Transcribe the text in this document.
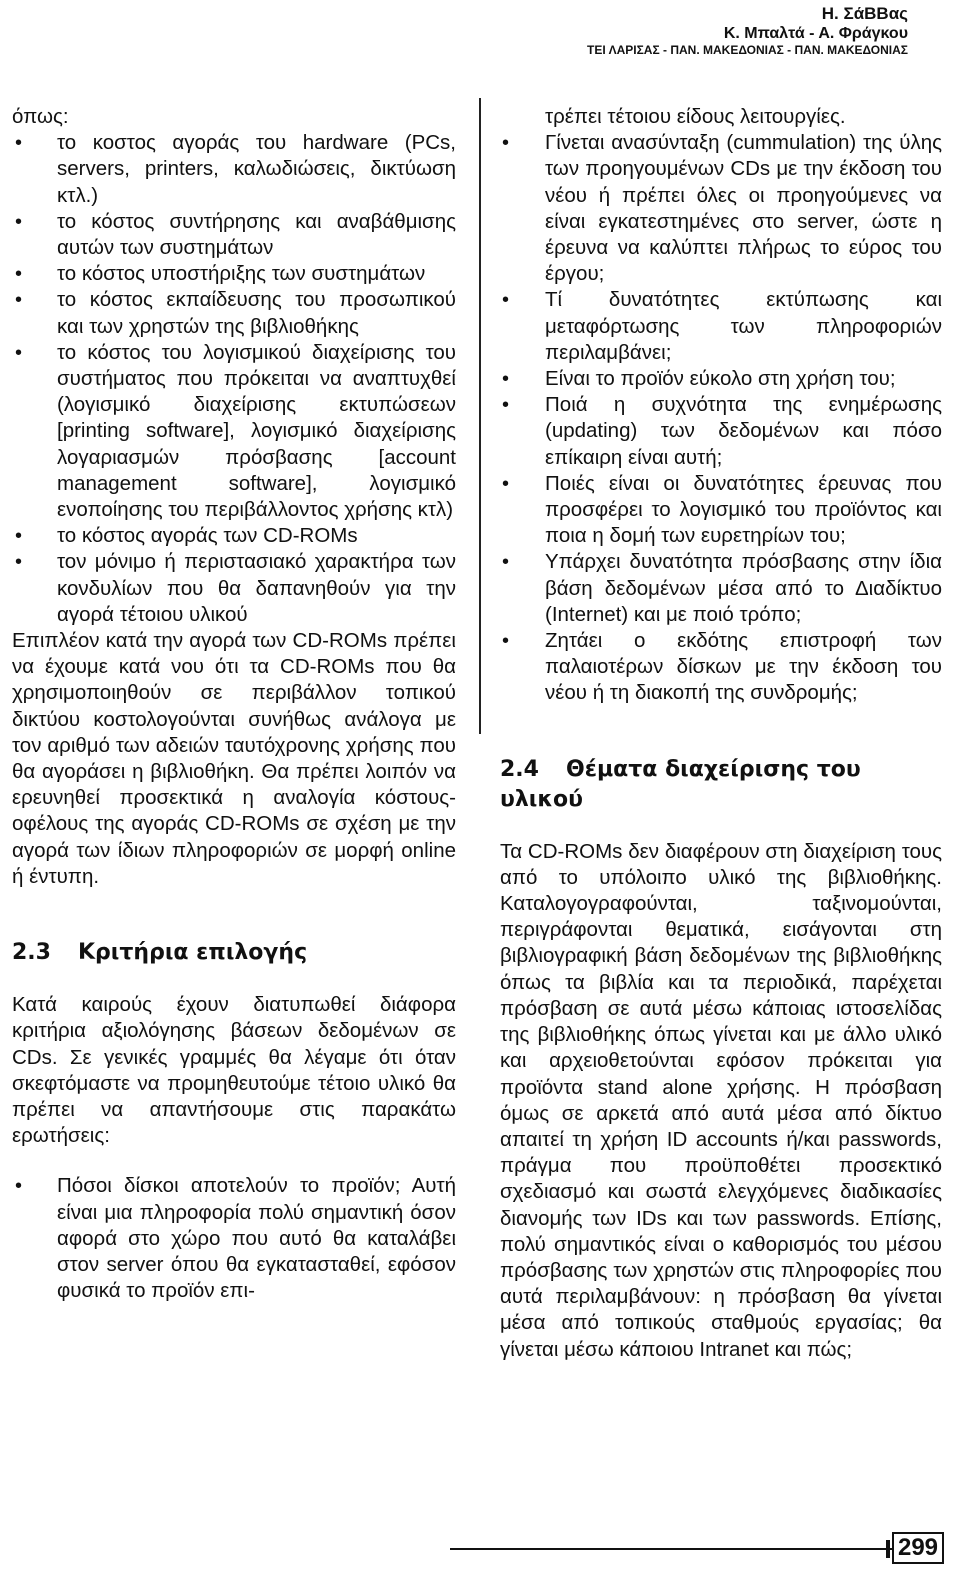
Η. ΣάΒΒας
Κ. Μπαλτά - Α. Φράγκου
ΤΕΙ ΛΑΡΙΣΑΣ - ΠΑΝ. ΜΑΚΕΔΟΝΙΑΣ - ΠΑΝ. ΜΑΚΕΔΟΝΙΑΣ

όπως:

• το κοστος αγοράς του hardware (PCs, servers, printers, καλωδιώσεις, δικτύωση κτλ.)
• το κόστος συντήρησης και αναβάθμισης αυτών των συστημάτων
• το κόστος υποστήριξης των συστημάτων
• το κόστος εκπαίδευσης του προσωπικού και των χρηστών της βιβλιοθήκης
• το κόστος του λογισμικού διαχείρισης του συστήματος που πρόκειται να αναπτυχθεί (λογισμικό διαχείρισης εκτυπώσεων [printing software], λογισμικό διαχείρισης λογαριασμών πρόσβασης [account management software], λογισμικό ενοποίησης του περιβάλλοντος χρήσης κτλ)
• το κόστος αγοράς των CD-ROMs
• τον μόνιμο ή περιστασιακό χαρακτήρα των κονδυλίων που θα δαπανηθούν για την αγορά τέτοιου υλικού

Επιπλέον κατά την αγορά των CD-ROMs πρέπει να έχουμε κατά νου ότι τα CD-ROMs που θα χρησιμοποιηθούν σε περιβάλλον τοπικού δικτύου κοστολογούνται συνήθως ανάλογα με τον αριθμό των αδειών ταυτόχρονης χρήσης που θα αγοράσει η βιβλιοθήκη. Θα πρέπει λοιπόν να ερευνηθεί προσεκτικά η αναλογία κόστους-οφέλους της αγοράς CD-ROMs σε σχέση με την αγορά των ίδιων πληροφοριών σε μορφή online ή έντυπη.

2.3 Κριτήρια επιλογής

Κατά καιρούς έχουν διατυπωθεί διάφορα κριτήρια αξιολόγησης βάσεων δεδομένων σε CDs. Σε γενικές γραμμές θα λέγαμε ότι όταν σκεφτόμαστε να προμηθευτούμε τέτοιο υλικό θα πρέπει να απαντήσουμε στις παρακάτω ερωτήσεις:

• Πόσοι δίσκοι αποτελούν το προϊόν; Αυτή είναι μια πληροφορία πολύ σημαντική όσον αφορά στο χώρο που αυτό θα καταλάβει στον server όπου θα εγκατασταθεί, εφόσον φυσικά το προϊόν επι-

τρέπει τέτοιου είδους λειτουργίες.

• Γίνεται ανασύνταξη (cummulation) της ύλης των προηγουμένων CDs με την έκδοση του νέου ή πρέπει όλες οι προηγούμενες να είναι εγκατεστημένες στο server, ώστε η έρευνα να καλύπτει πλήρως το εύρος του έργου;
• Τί δυνατότητες εκτύπωσης και μεταφόρτωσης των πληροφοριών περιλαμβάνει;
• Είναι το προϊόν εύκολο στη χρήση του;
• Ποιά η συχνότητα της ενημέρωσης (updating) των δεδομένων και πόσο επίκαιρη είναι αυτή;
• Ποιές είναι οι δυνατότητες έρευνας που προσφέρει το λογισμικό του προϊόντος και ποια η δομή των ευρετηρίων του;
• Υπάρχει δυνατότητα πρόσβασης στην ίδια βάση δεδομένων μέσα από το Διαδίκτυο (Internet) και με ποιό τρόπο;
• Ζητάει ο εκδότης επιστροφή των παλαιοτέρων δίσκων με την έκδοση του νέου ή τη διακοπή της συνδρομής;
2.4 Θέματα διαχείρισης του υλικού

Τα CD-ROMs δεν διαφέρουν στη διαχείριση τους από το υπόλοιπο υλικό της βιβλιοθήκης. Καταλογογραφούνται, ταξινομούνται, περιγράφονται θεματικά, εισάγονται στη βιβλιογραφική βάση δεδομένων της βιβλιοθήκης όπως τα βιβλία και τα περιοδικά, παρέχεται πρόσβαση σε αυτά μέσω κάποιας ιστοσελίδας της βιβλιοθήκης όπως γίνεται και με άλλο υλικό και αρχειοθετούνται εφόσον πρόκειται για προϊόντα stand alone χρήσης. Η πρόσβαση όμως σε αρκετά από αυτά μέσα από δίκτυο απαιτεί τη χρήση ID accounts ή/και passwords, πράγμα που προϋποθέτει προσεκτικό σχεδιασμό και σωστά ελεγχόμενες διαδικασίες διανομής των IDs και των passwords. Επίσης, πολύ σημαντικός είναι ο καθορισμός του μέσου πρόσβασης των χρηστών στις πληροφορίες που αυτά περιλαμβάνουν: η πρόσβαση θα γίνεται μέσα από τοπικούς σταθμούς εργασίας; θα γίνεται μέσω κάποιου Intranet και πώς;

299
